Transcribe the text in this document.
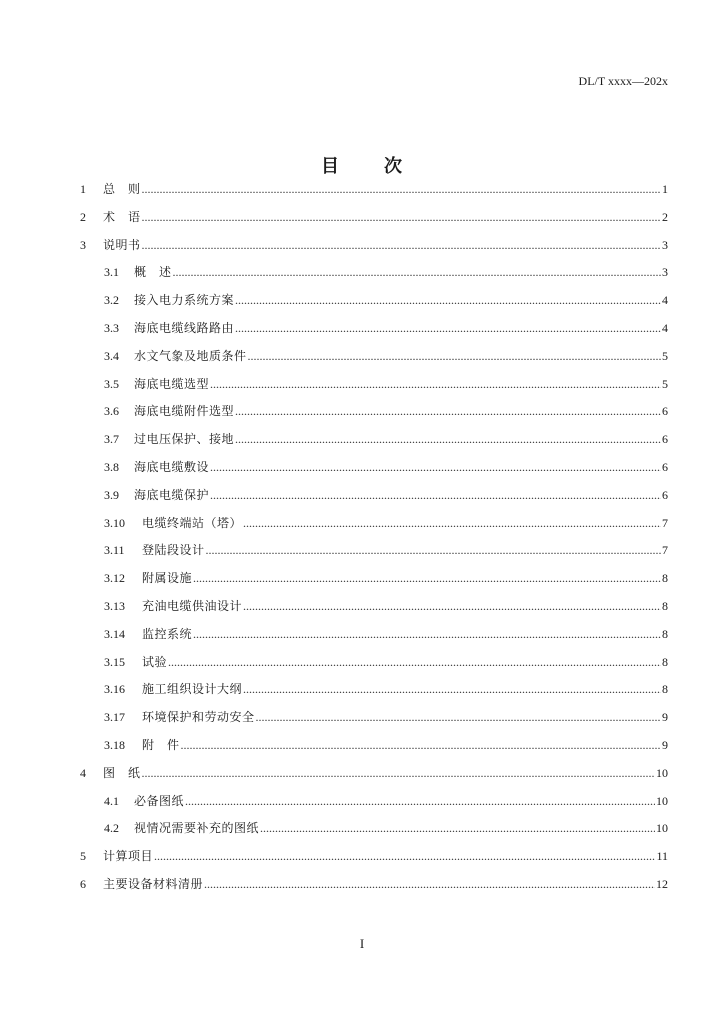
DL/T xxxx—202x
目 次
1	总　则 .....	1
2	术　语 .....	2
3	说明书 .....	3
3.1	概　述 .....	3
3.2	接入电力系统方案 .....	4
3.3	海底电缆线路路由 .....	4
3.4	水文气象及地质条件 .....	5
3.5	海底电缆选型 .....	5
3.6	海底电缆附件选型 .....	6
3.7	过电压保护、接地 .....	6
3.8	海底电缆敷设 .....	6
3.9	海底电缆保护 .....	6
3.10	电缆终端站（塔） .....	7
3.11	登陆段设计 .....	7
3.12	附属设施 .....	8
3.13	充油电缆供油设计 .....	8
3.14	监控系统 .....	8
3.15	试验 .....	8
3.16	施工组织设计大纲 .....	8
3.17	环境保护和劳动安全 .....	9
3.18	附　件 .....	9
4	图　纸 .....	10
4.1	必备图纸 .....	10
4.2	视情况需要补充的图纸 .....	10
5	计算项目 .....	11
6	主要设备材料清册 .....	12
I
